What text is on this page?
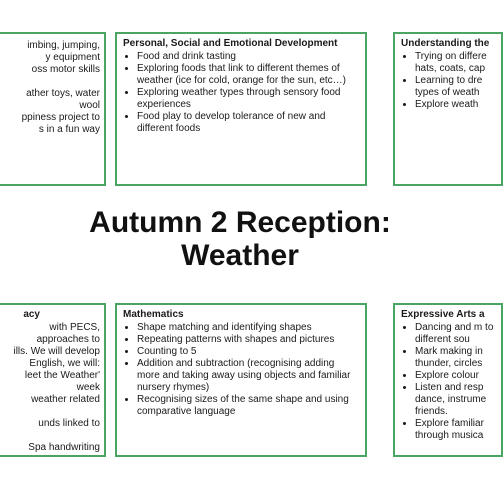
imbing, jumping,
y equipment
oss motor skills
ather toys, water
wool
ppiness project to
s in a fun way
Personal, Social and Emotional Development
• Food and drink tasting
• Exploring foods that link to different themes of weather (ice for cold, orange for the sun, etc…)
• Exploring weather types through sensory food experiences
• Food play to develop tolerance of new and different foods
Understanding the
• Trying on differe hats, coats, cap
• Learning to dre types of weath
• Explore weath
Autumn 2 Reception:
Weather
acy
with PECS,
approaches to
ills. We will develop
English, we will:
leet the Weather'
week
weather related
unds linked to
Spa handwriting
Mathematics
• Shape matching and identifying shapes
• Repeating patterns with shapes and pictures
• Counting to 5
• Addition and subtraction (recognising adding more and taking away using objects and familiar nursery rhymes)
• Recognising sizes of the same shape and using comparative language
Expressive Arts a
• Dancing and m to different sou
• Mark making in thunder, circles
• Explore colour
• Listen and resp dance, instrume friends.
• Explore familiar through musica
